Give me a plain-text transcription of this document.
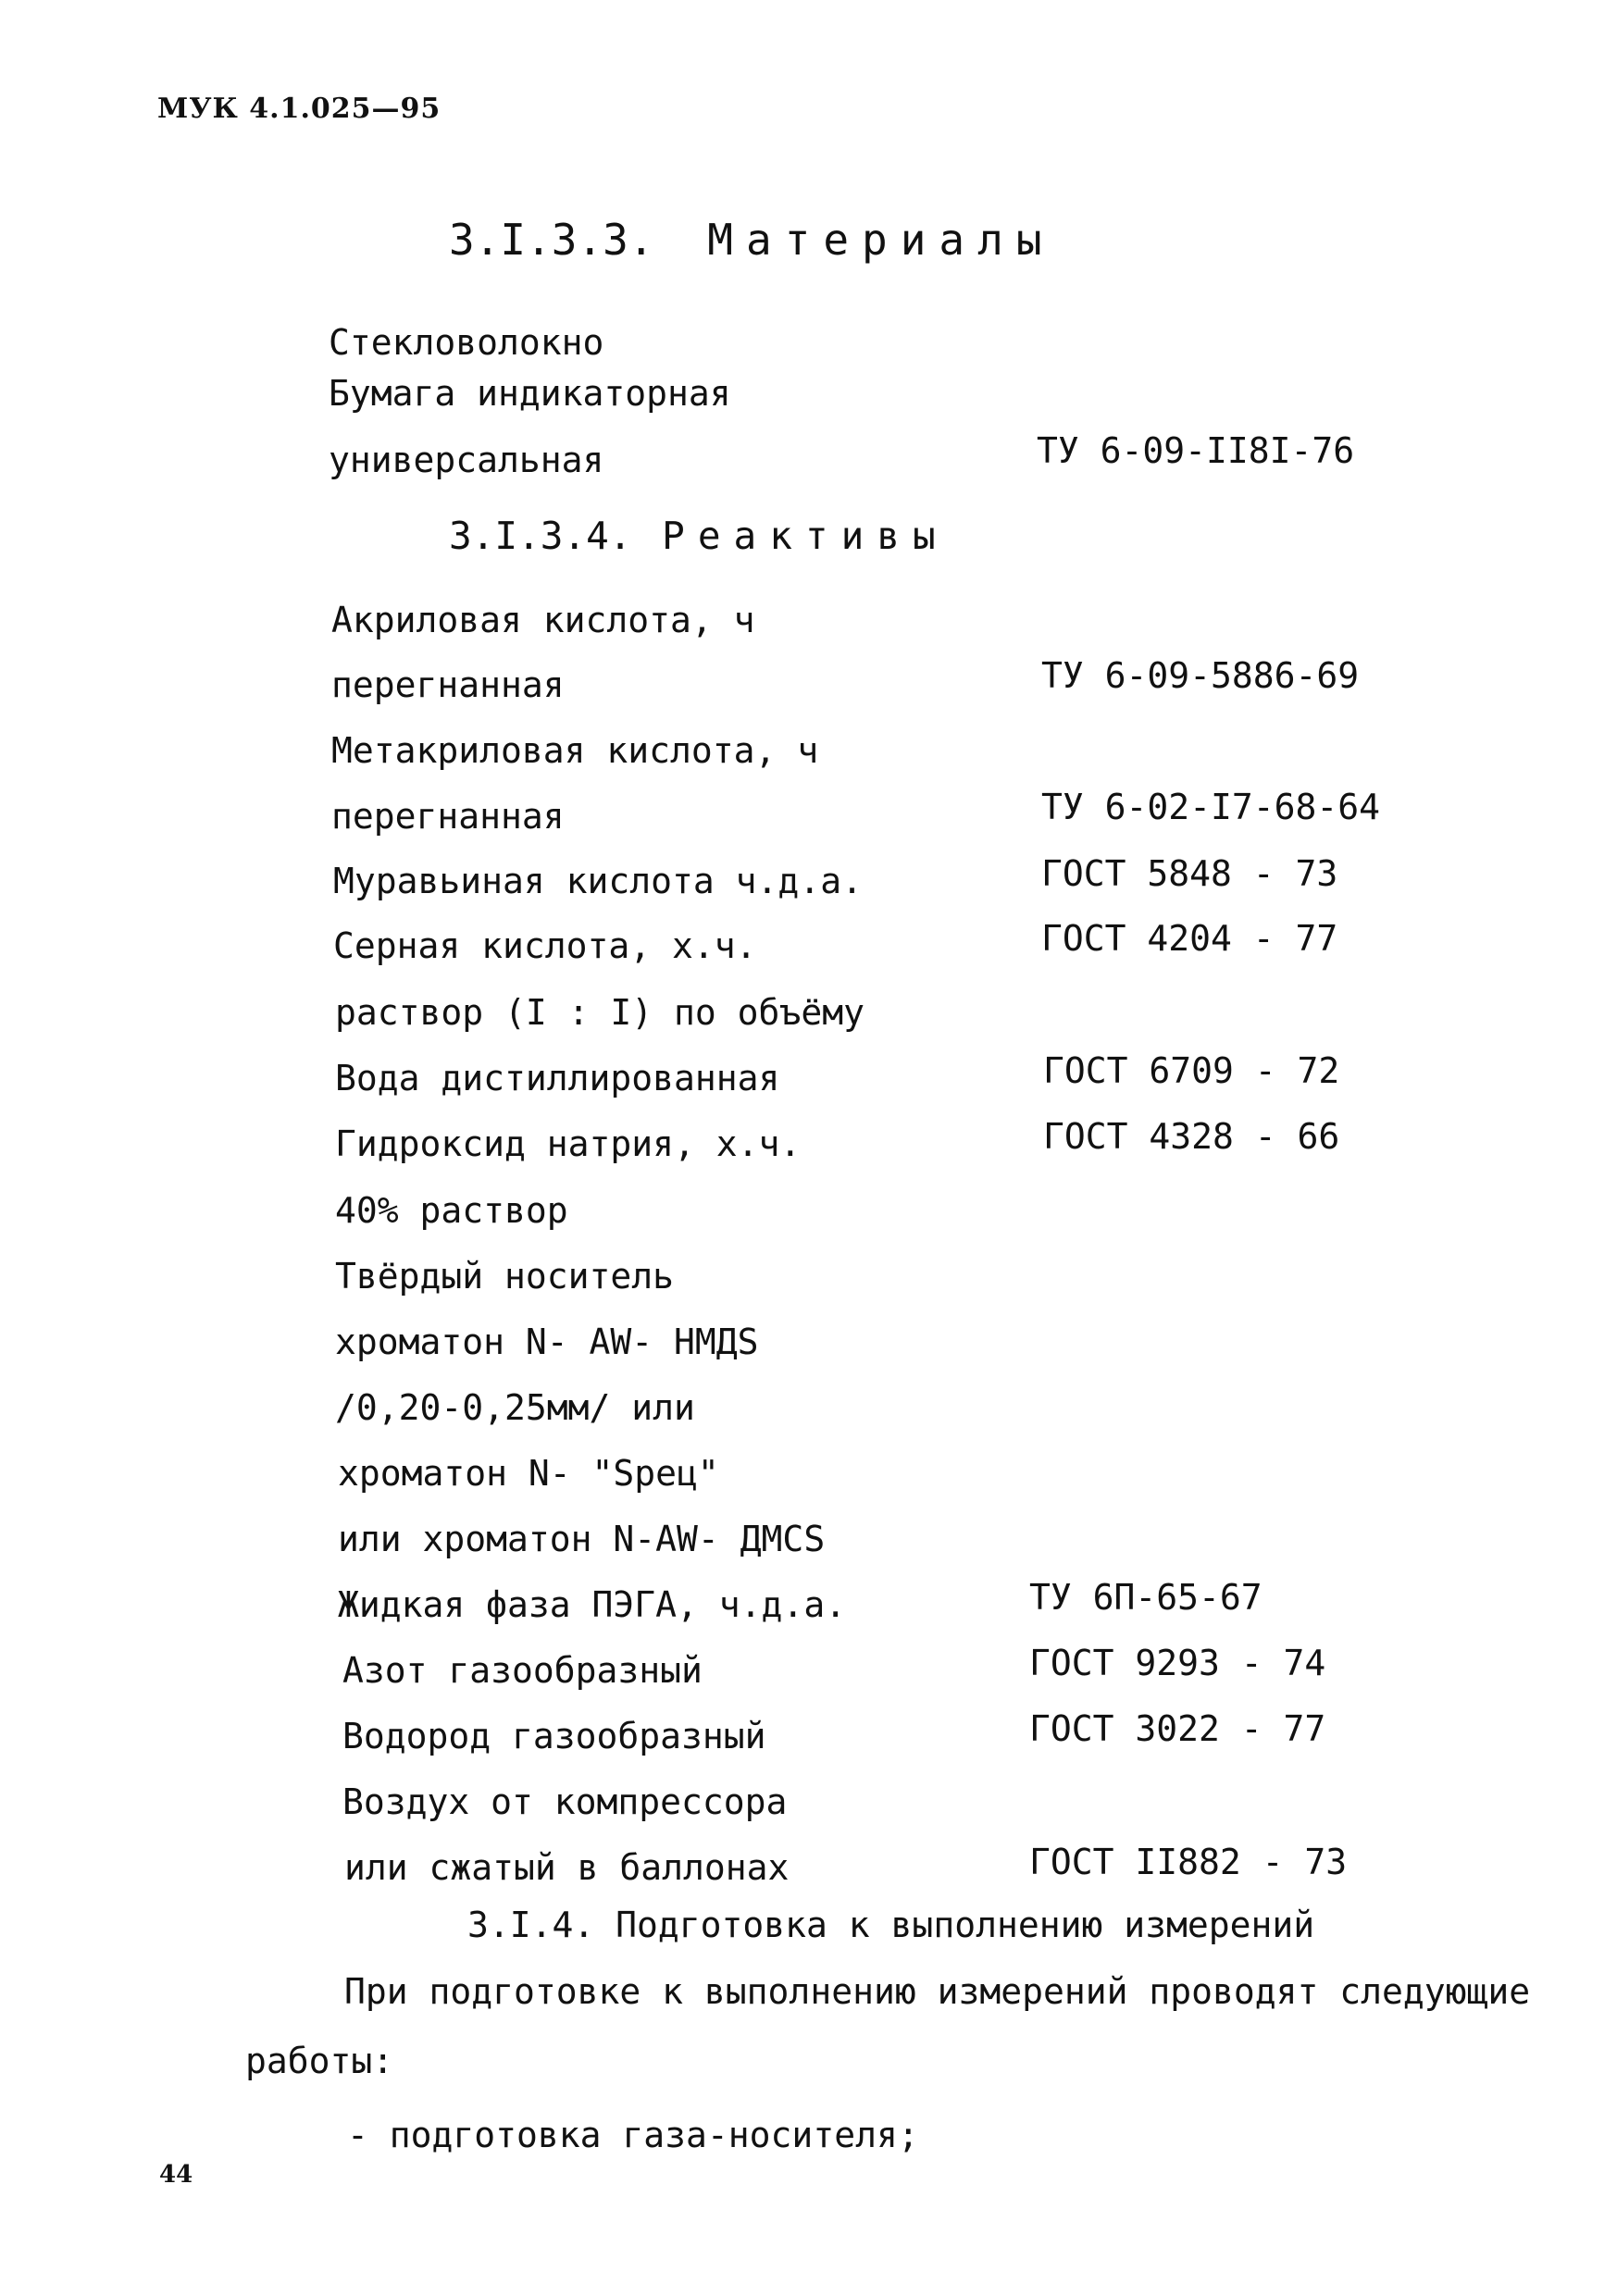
МУК 4.1.025—95
3.I.3.3. Материалы
Стекловолокно
Бумага индикаторная
универсальная	ТУ 6-09-II8I-76
3.I.3.4. Реактивы
Акриловая кислота, ч
перегнанная	ТУ 6-09-5886-69
Метакриловая кислота, ч
перегнанная	ТУ 6-02-I7-68-64
Муравьиная кислота ч.д.а.	ГОСТ 5848 - 73
Серная кислота, х.ч.	ГОСТ 4204 - 77
раствор (I : I) по объёму
Вода дистиллированная	ГОСТ 6709 - 72
Гидроксид натрия, х.ч.	ГОСТ 4328 - 66
40% раствор
Твёрдый носитель
хроматон N- AW- НМДS
/0,20-0,25мм/ или
хроматон N- "Sрец"
или хроматон N-AW- ДМСS
Жидкая фаза ПЭГА, ч.д.а.	ТУ 6П-65-67
Азот газообразный	ГОСТ 9293 - 74
Водород газообразный	ГОСТ 3022 - 77
Воздух от компрессора
или сжатый в баллонах	ГОСТ II882 - 73
3.I.4. Подготовка к выполнению измерений
При подготовке к выполнению измерений проводят следующие
работы:
- подготовка газа-носителя;
44
